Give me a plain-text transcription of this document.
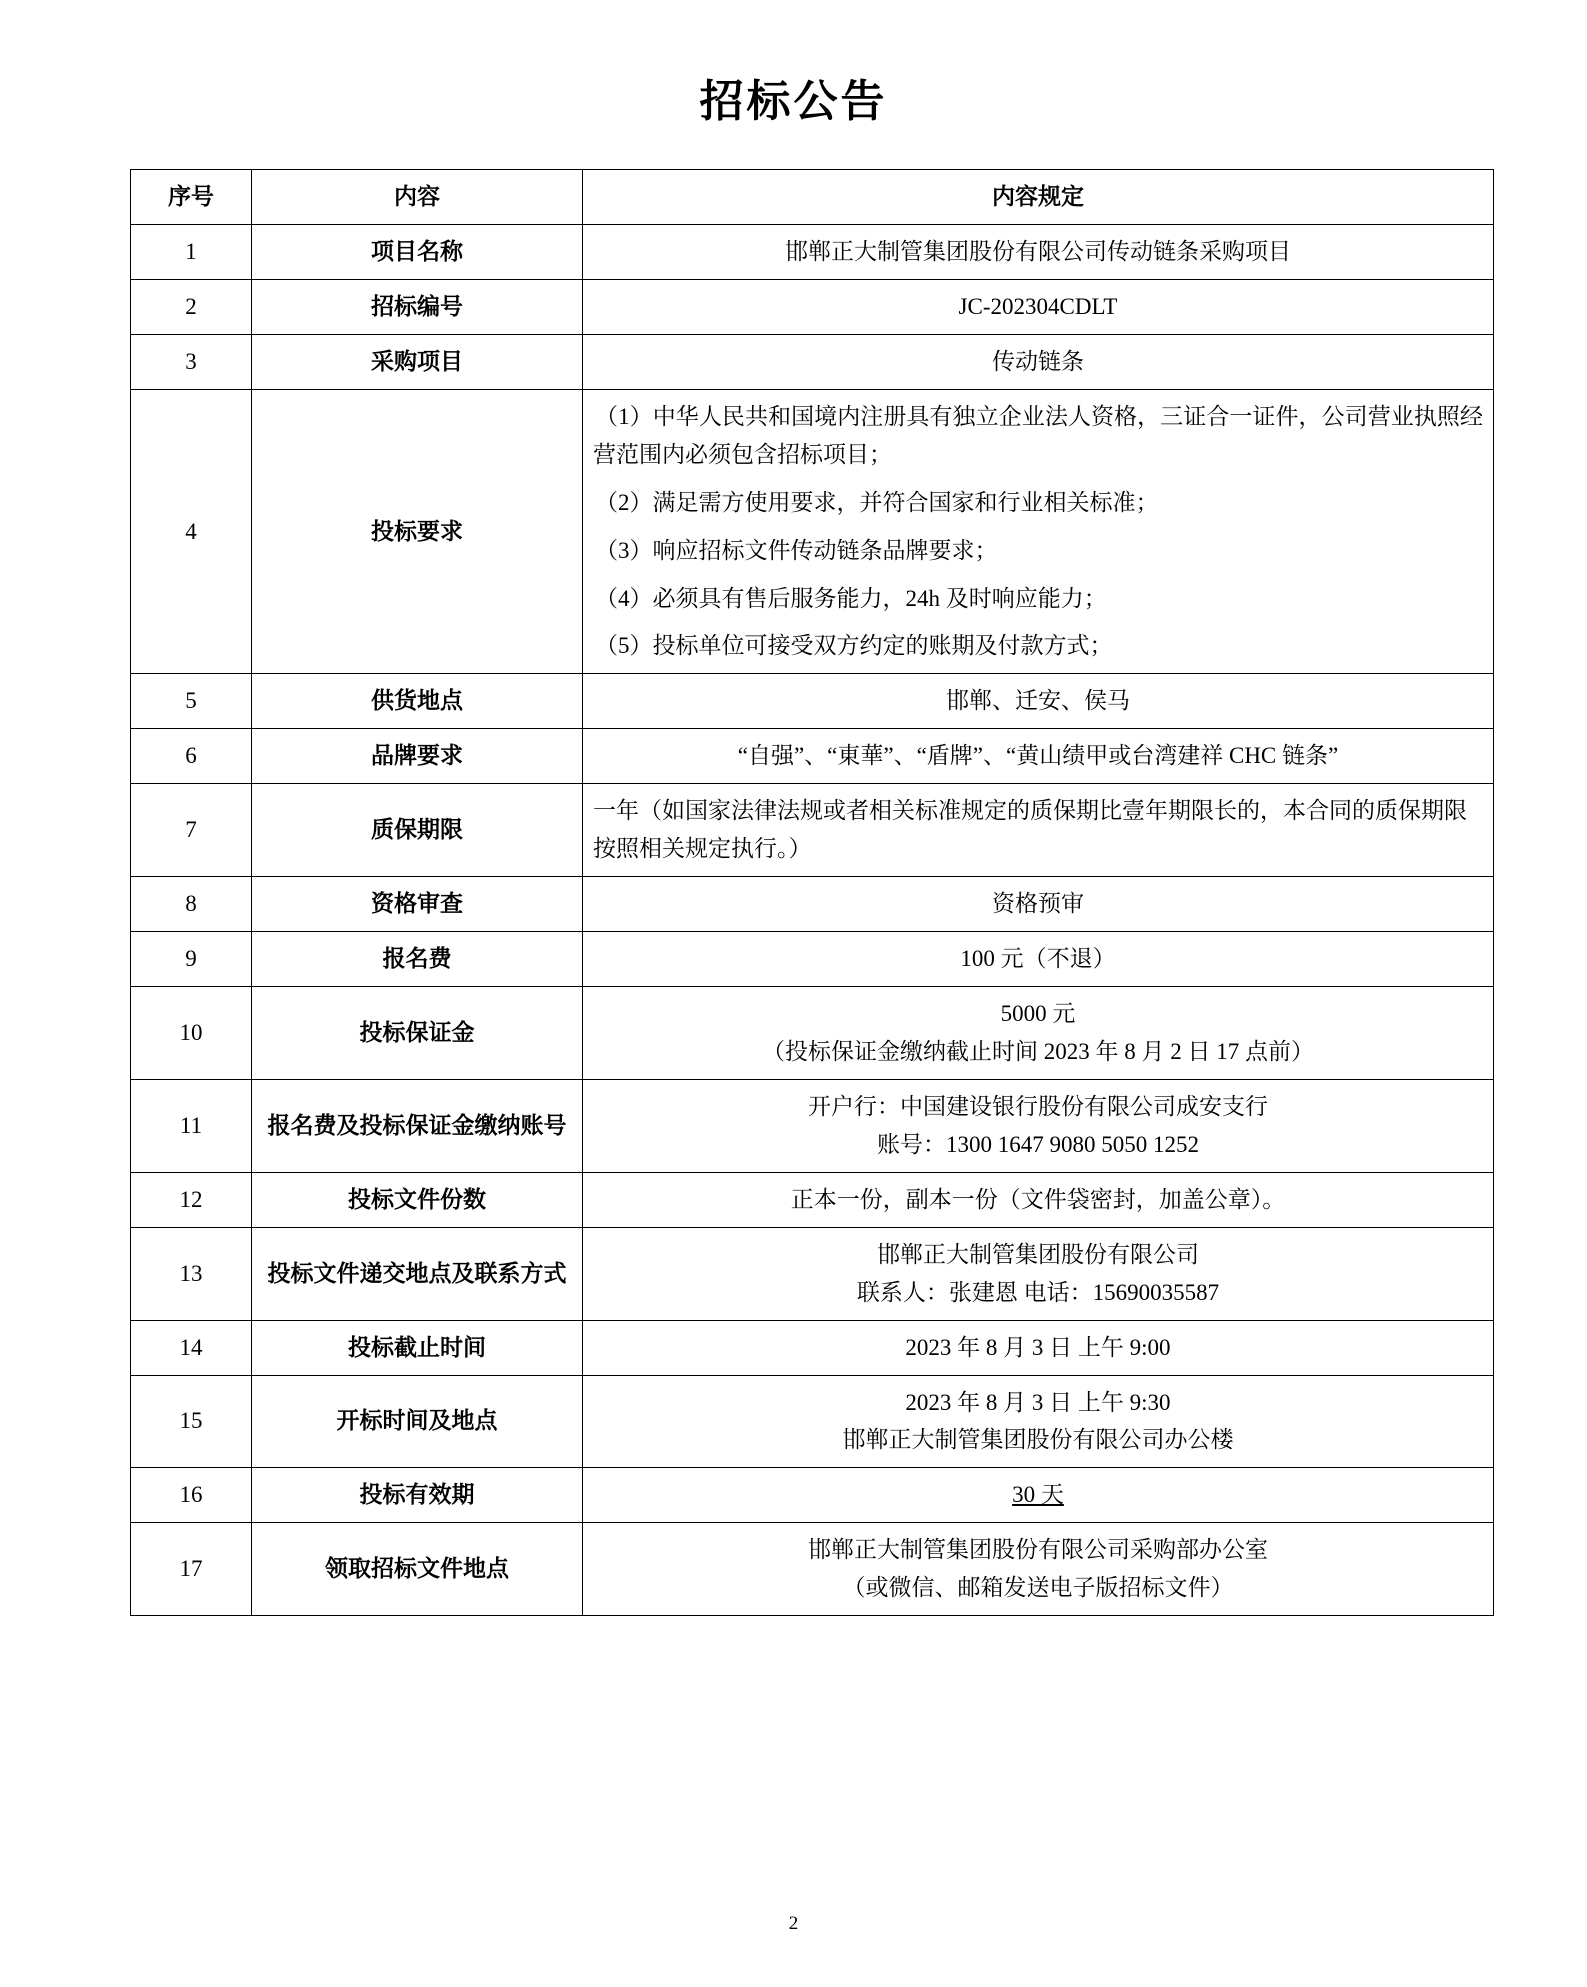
招标公告
序号	内容	内容规定
1	项目名称	邯郸正大制管集团股份有限公司传动链条采购项目
2	招标编号	JC-202304CDLT
3	采购项目	传动链条
4	投标要求	（1）中华人民共和国境内注册具有独立企业法人资格，三证合一证件，公司营业执照经营范围内必须包含招标项目；
（2）满足需方使用要求，并符合国家和行业相关标准；
（3）响应招标文件传动链条品牌要求；
（4）必须具有售后服务能力，24h 及时响应能力；
（5）投标单位可接受双方约定的账期及付款方式；

5	供货地点	邯郸、迁安、侯马
6	品牌要求	“自强”、“東華”、“盾牌”、“黄山绩甲或台湾建祥 CHC 链条”
7	质保期限	一年（如国家法律法规或者相关标准规定的质保期比壹年期限长的，本合同的质保期限按照相关规定执行。）
8	资格审查	资格预审
9	报名费	100 元（不退）
10	投标保证金	5000 元
（投标保证金缴纳截止时间 2023 年 8 月 2 日 17 点前）

11	报名费及投标保证金缴纳账号	开户行：中国建设银行股份有限公司成安支行
账号：1300 1647 9080 5050 1252

12	投标文件份数	正本一份，副本一份（文件袋密封，加盖公章）。
13	投标文件递交地点及联系方式	邯郸正大制管集团股份有限公司
联系人：张建恩 电话：15690035587

14	投标截止时间	2023 年 8 月 3 日 上午 9:00
15	开标时间及地点	2023 年 8 月 3 日 上午 9:30
邯郸正大制管集团股份有限公司办公楼

16	投标有效期	30 天
17	领取招标文件地点	邯郸正大制管集团股份有限公司采购部办公室
（或微信、邮箱发送电子版招标文件）
2
